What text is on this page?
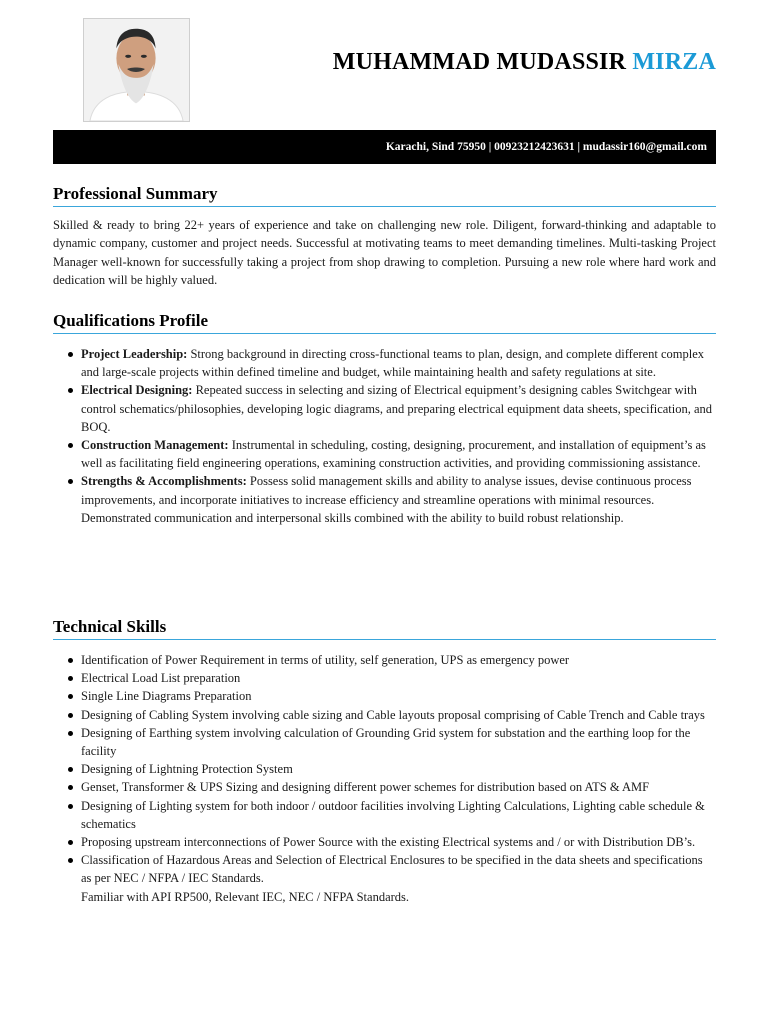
MUHAMMAD MUDASSIR MIRZA
Karachi, Sind 75950 | 00923212423631 | mudassir160@gmail.com
Professional Summary

Skilled & ready to bring 22+ years of experience and take on challenging new role. Diligent, forward-thinking and adaptable to dynamic company, customer and project needs. Successful at motivating teams to meet demanding timelines. Multi-tasking Project Manager well-known for successfully taking a project from shop drawing to completion. Pursuing a new role where hard work and dedication will be highly valued.

Qualifications Profile
Project Leadership: Strong background in directing cross-functional teams to plan, design, and complete different complex and large-scale projects within defined timeline and budget, while maintaining health and safety regulations at site.
Electrical Designing: Repeated success in selecting and sizing of Electrical equipment’s designing cables Switchgear with control schematics/philosophies, developing logic diagrams, and preparing electrical equipment data sheets, specification, and BOQ.
Construction Management: Instrumental in scheduling, costing, designing, procurement, and installation of equipment’s as well as facilitating field engineering operations, examining construction activities, and providing commissioning assistance.
Strengths & Accomplishments: Possess solid management skills and ability to analyse issues, devise continuous process improvements, and incorporate initiatives to increase efficiency and streamline operations with minimal resources. Demonstrated communication and interpersonal skills combined with the ability to build robust relationship.
Technical Skills
Identification of Power Requirement in terms of utility, self generation, UPS as emergency power
Electrical Load List preparation
Single Line Diagrams Preparation
Designing of Cabling System involving cable sizing and Cable layouts proposal comprising of Cable Trench and Cable trays
Designing of Earthing system involving calculation of Grounding Grid system for substation and the earthing loop for the facility
Designing of Lightning Protection System
Genset, Transformer & UPS Sizing and designing different power schemes for distribution based on ATS & AMF
Designing of Lighting system for both indoor / outdoor facilities involving Lighting Calculations, Lighting cable schedule & schematics
Proposing upstream interconnections of Power Source with the existing Electrical systems and / or with Distribution DB’s.
Classification of Hazardous Areas and Selection of Electrical Enclosures to be specified in the data sheets and specifications as per NEC / NFPA / IEC Standards.
Familiar with API RP500, Relevant IEC, NEC / NFPA Standards.
